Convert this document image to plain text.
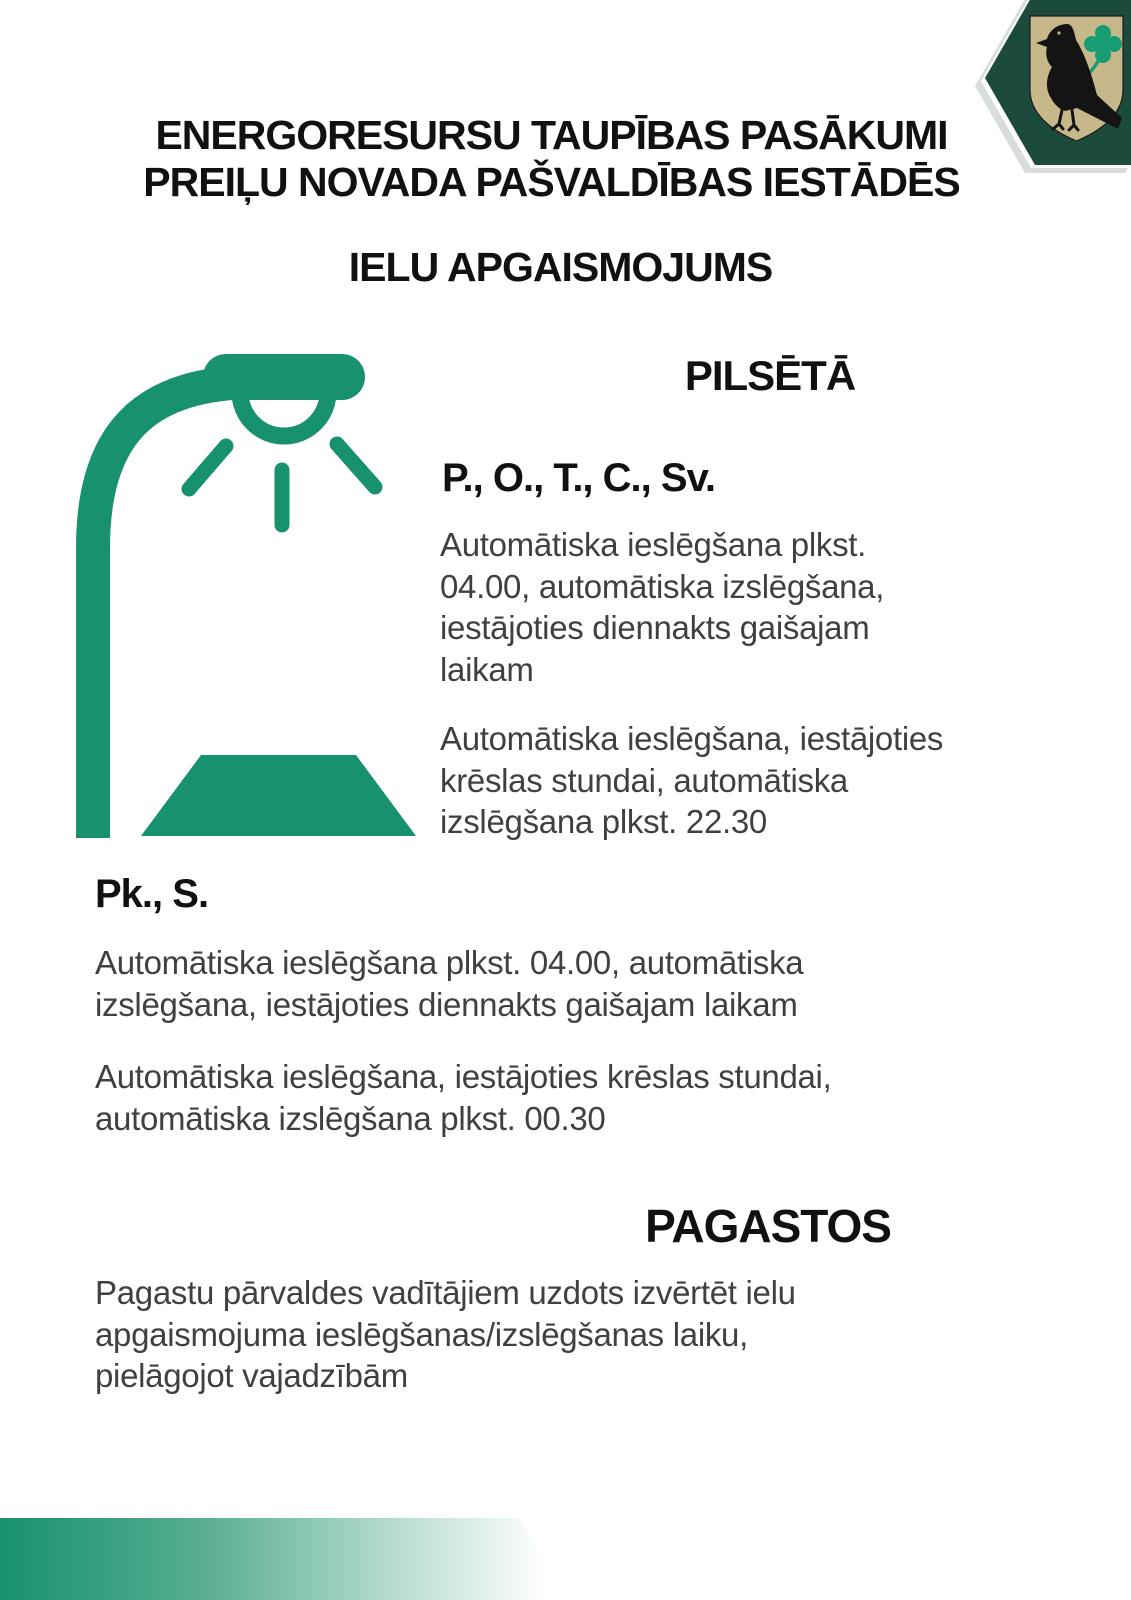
ENERGORESURSU TAUPĪBAS PASĀKUMI
PREIĻU NOVADA PAŠVALDĪBAS IESTĀDĒS
IELU APGAISMOJUMS
PILSĒTĀ
P., O., T., C., Sv.

Automātiska ieslēgšana plkst.
04.00, automātiska izslēgšana,
iestājoties diennakts gaišajam
laikam

Automātiska ieslēgšana, iestājoties
krēslas stundai, automātiska
izslēgšana plkst. 22.30

Pk., S.

Automātiska ieslēgšana plkst. 04.00, automātiska
izslēgšana, iestājoties diennakts gaišajam laikam

Automātiska ieslēgšana, iestājoties krēslas stundai,
automātiska izslēgšana plkst. 00.30

PAGASTOS

Pagastu pārvaldes vadītājiem uzdots izvērtēt ielu
apgaismojuma ieslēgšanas/izslēgšanas laiku,
pielāgojot vajadzībām
